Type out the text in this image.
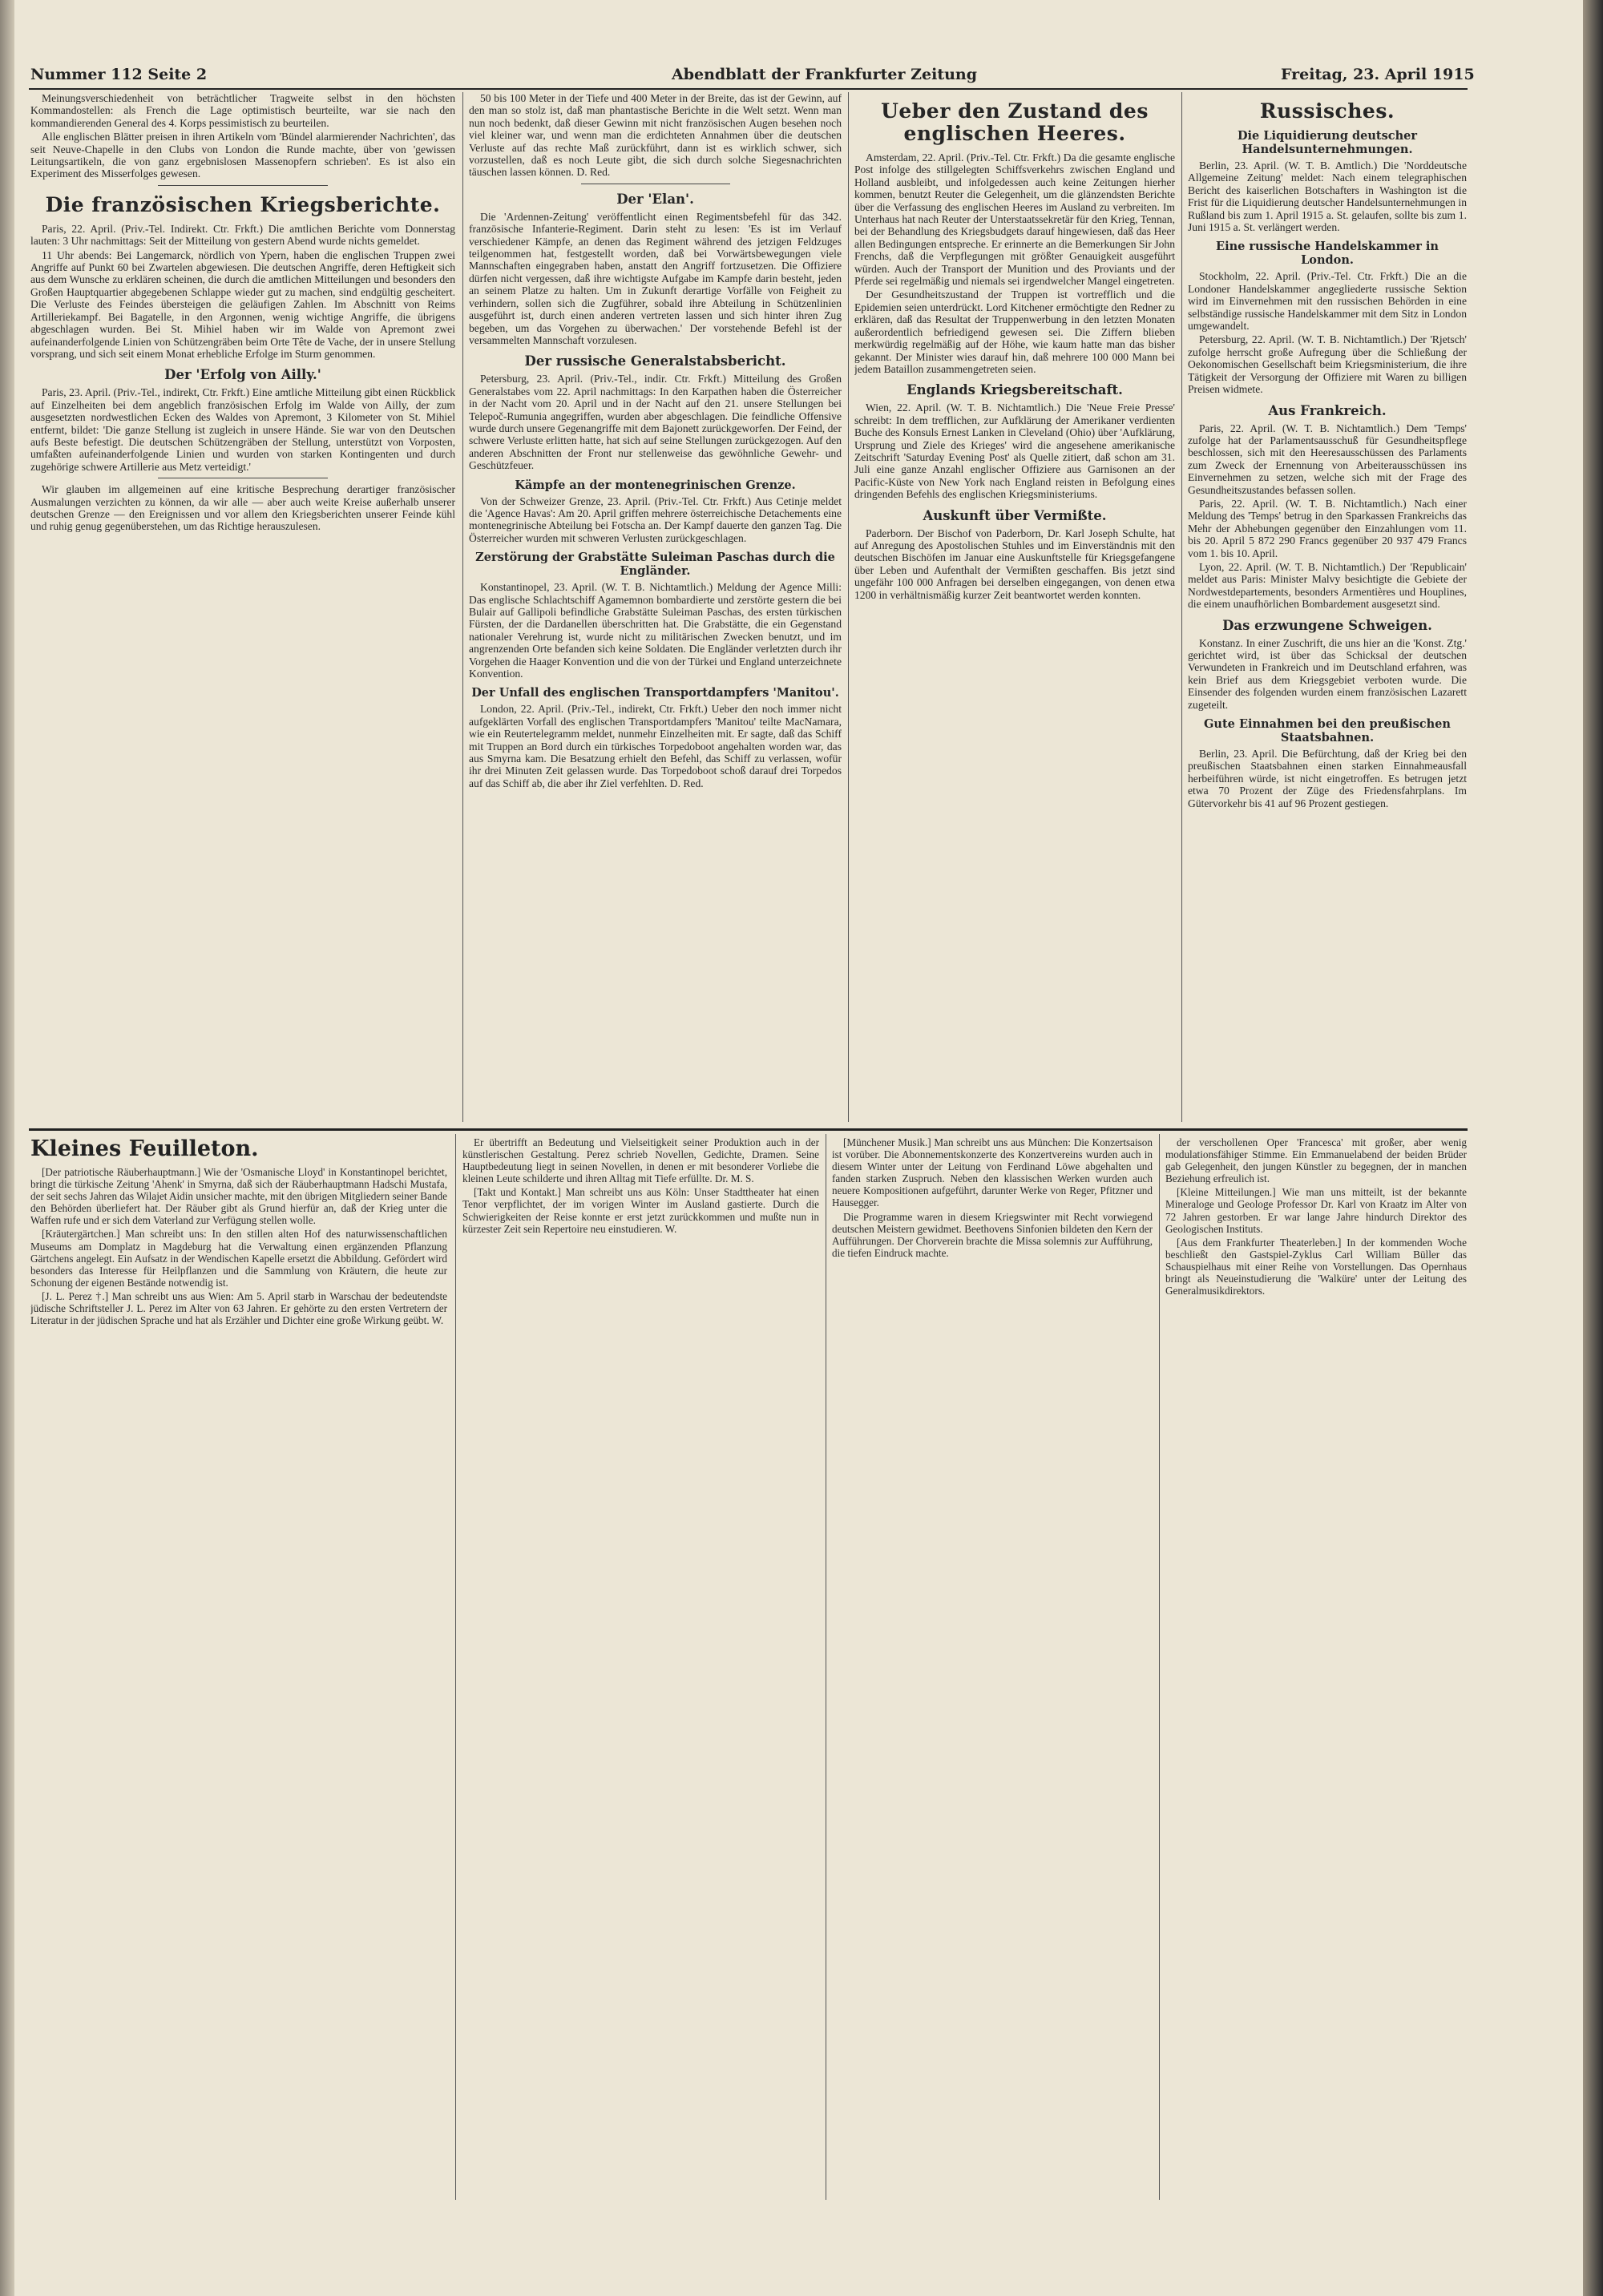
Nummer 112 Seite 2	Abendblatt der Frankfurter Zeitung	Freitag, 23. April 1915

Meinungsverschiedenheit von beträchtlicher Tragweite selbst in den höchsten Kommandostellen: als French die Lage optimistisch beurteilte, war sie nach den kommandierenden General des 4. Korps pessimistisch zu beurteilen.

Alle englischen Blätter preisen in ihren Artikeln vom 'Bündel alarmierender Nachrichten', das seit Neuve-Chapelle in den Clubs von London die Runde machte, über von 'gewissen Leitungsartikeln, die von ganz ergebnislosen Massenopfern schrieben'. Es ist also ein Experiment des Misserfolges gewesen.

Die französischen Kriegsberichte.

Paris, 22. April. (Priv.-Tel. Indirekt. Ctr. Frkft.) Die amtlichen Berichte vom Donnerstag lauten: 3 Uhr nachmittags: Seit der Mitteilung von gestern Abend wurde nichts gemeldet.

11 Uhr abends: Bei Langemarck, nördlich von Ypern, haben die englischen Truppen zwei Angriffe auf Punkt 60 bei Zwartelen abgewiesen. Die deutschen Angriffe, deren Heftigkeit sich aus dem Wunsche zu erklären scheinen, die durch die amtlichen Mitteilungen und besonders den Großen Hauptquartier abgegebenen Schlappe wieder gut zu machen, sind endgültig gescheitert. Die Verluste des Feindes übersteigen die geläufigen Zahlen. Im Abschnitt von Reims Artilleriekampf. Bei Bagatelle, in den Argonnen, wenig wichtige Angriffe, die übrigens abgeschlagen wurden. Bei St. Mihiel haben wir im Walde von Apremont zwei aufeinanderfolgende Linien von Schützengräben beim Orte Tête de Vache, der in unsere Stellung vorsprang, und sich seit einem Monat erhebliche Erfolge im Sturm genommen.

Der 'Erfolg von Ailly.'

Paris, 23. April. (Priv.-Tel., indirekt, Ctr. Frkft.) Eine amtliche Mitteilung gibt einen Rückblick auf Einzelheiten bei dem angeblich französischen Erfolg im Walde von Ailly, der zum ausgesetzten nordwestlichen Ecken des Waldes von Apremont, 3 Kilometer von St. Mihiel entfernt, bildet: 'Die ganze Stellung ist zugleich in unsere Hände. Sie war von den Deutschen aufs Beste befestigt. Die deutschen Schützengräben der Stellung, unterstützt von Vorposten, umfaßten aufeinanderfolgende Linien und wurden von starken Kontingenten und durch zugehörige schwere Artillerie aus Metz verteidigt.'

Wir glauben im allgemeinen auf eine kritische Besprechung derartiger französischer Ausmalungen verzichten zu können, da wir alle — aber auch weite Kreise außerhalb unserer deutschen Grenze — den Ereignissen und vor allem den Kriegsberichten unserer Feinde kühl und ruhig genug gegenüberstehen, um das Richtige herauszulesen.

50 bis 100 Meter in der Tiefe und 400 Meter in der Breite, das ist der Gewinn, auf den man so stolz ist, daß man phantastische Berichte in die Welt setzt. Wenn man nun noch bedenkt, daß dieser Gewinn mit nicht französischen Augen besehen noch viel kleiner war, und wenn man die erdichteten Annahmen über die deutschen Verluste auf das rechte Maß zurückführt, dann ist es wirklich schwer, sich vorzustellen, daß es noch Leute gibt, die sich durch solche Siegesnachrichten täuschen lassen können. D. Red.

Der 'Elan'.

Die 'Ardennen-Zeitung' veröffentlicht einen Regimentsbefehl für das 342. französische Infanterie-Regiment. Darin steht zu lesen: 'Es ist im Verlauf verschiedener Kämpfe, an denen das Regiment während des jetzigen Feldzuges teilgenommen hat, festgestellt worden, daß bei Vorwärtsbewegungen viele Mannschaften eingegraben haben, anstatt den Angriff fortzusetzen. Die Offiziere dürfen nicht vergessen, daß ihre wichtigste Aufgabe im Kampfe darin besteht, jeden an seinem Platze zu halten. Um in Zukunft derartige Vorfälle von Feigheit zu verhindern, sollen sich die Zugführer, sobald ihre Abteilung in Schützenlinien ausgeführt ist, durch einen anderen vertreten lassen und sich hinter ihren Zug begeben, um das Vorgehen zu überwachen.' Der vorstehende Befehl ist der versammelten Mannschaft vorzulesen.

Der russische Generalstabsbericht.

Petersburg, 23. April. (Priv.-Tel., indir. Ctr. Frkft.) Mitteilung des Großen Generalstabes vom 22. April nachmittags: In den Karpathen haben die Österreicher in der Nacht vom 20. April und in der Nacht auf den 21. unsere Stellungen bei Telepoč-Rumunia angegriffen, wurden aber abgeschlagen. Die feindliche Offensive wurde durch unsere Gegenangriffe mit dem Bajonett zurückgeworfen. Der Feind, der schwere Verluste erlitten hatte, hat sich auf seine Stellungen zurückgezogen. Auf den anderen Abschnitten der Front nur stellenweise das gewöhnliche Gewehr- und Geschützfeuer.

Kämpfe an der montenegrinischen Grenze.

Von der Schweizer Grenze, 23. April. (Priv.-Tel. Ctr. Frkft.) Aus Cetinje meldet die 'Agence Havas': Am 20. April griffen mehrere österreichische Detachements eine montenegrinische Abteilung bei Fotscha an. Der Kampf dauerte den ganzen Tag. Die Österreicher wurden mit schweren Verlusten zurückgeschlagen.

Zerstörung der Grabstätte Suleiman Paschas durch die Engländer.

Konstantinopel, 23. April. (W. T. B. Nichtamtlich.) Meldung der Agence Milli: Das englische Schlachtschiff Agamemnon bombardierte und zerstörte gestern die bei Bulair auf Gallipoli befindliche Grabstätte Suleiman Paschas, des ersten türkischen Fürsten, der die Dardanellen überschritten hat. Die Grabstätte, die ein Gegenstand nationaler Verehrung ist, wurde nicht zu militärischen Zwecken benutzt, und im angrenzenden Orte befanden sich keine Soldaten. Die Engländer verletzten durch ihr Vorgehen die Haager Konvention und die von der Türkei und England unterzeichnete Konvention.

Der Unfall des englischen Transportdampfers 'Manitou'.

London, 22. April. (Priv.-Tel., indirekt, Ctr. Frkft.) Ueber den noch immer nicht aufgeklärten Vorfall des englischen Transportdampfers 'Manitou' teilte MacNamara, wie ein Reutertelegramm meldet, nunmehr Einzelheiten mit. Er sagte, daß das Schiff mit Truppen an Bord durch ein türkisches Torpedoboot angehalten worden war, das aus Smyrna kam. Die Besatzung erhielt den Befehl, das Schiff zu verlassen, wofür ihr drei Minuten Zeit gelassen wurde. Das Torpedoboot schoß darauf drei Torpedos auf das Schiff ab, die aber ihr Ziel verfehlten. D. Red.

Ueber den Zustand des englischen Heeres.

Amsterdam, 22. April. (Priv.-Tel. Ctr. Frkft.) Da die gesamte englische Post infolge des stillgelegten Schiffsverkehrs zwischen England und Holland ausbleibt, und infolgedessen auch keine Zeitungen hierher kommen, benutzt Reuter die Gelegenheit, um die glänzendsten Berichte über die Verfassung des englischen Heeres im Ausland zu verbreiten. Im Unterhaus hat nach Reuter der Unterstaatssekretär für den Krieg, Tennan, bei der Behandlung des Kriegsbudgets darauf hingewiesen, daß das Heer allen Bedingungen entspreche. Er erinnerte an die Bemerkungen Sir John Frenchs, daß die Verpflegungen mit größter Genauigkeit ausgeführt würden. Auch der Transport der Munition und des Proviants und der Pferde sei regelmäßig und niemals sei irgendwelcher Mangel eingetreten.

Der Gesundheitszustand der Truppen ist vortrefflich und die Epidemien seien unterdrückt. Lord Kitchener ermöchtigte den Redner zu erklären, daß das Resultat der Truppenwerbung in den letzten Monaten außerordentlich befriedigend gewesen sei. Die Ziffern blieben merkwürdig regelmäßig auf der Höhe, wie kaum hatte man das bisher gekannt. Der Minister wies darauf hin, daß mehrere 100 000 Mann bei jedem Bataillon zusammengetreten seien.

Englands Kriegsbereitschaft.

Wien, 22. April. (W. T. B. Nichtamtlich.) Die 'Neue Freie Presse' schreibt: In dem trefflichen, zur Aufklärung der Amerikaner verdienten Buche des Konsuls Ernest Lanken in Cleveland (Ohio) über 'Aufklärung, Ursprung und Ziele des Krieges' wird die angesehene amerikanische Zeitschrift 'Saturday Evening Post' als Quelle zitiert, daß schon am 31. Juli eine ganze Anzahl englischer Offiziere aus Garnisonen an der Pacific-Küste von New York nach England reisten in Befolgung eines dringenden Befehls des englischen Kriegsministeriums.

Auskunft über Vermißte.

Paderborn. Der Bischof von Paderborn, Dr. Karl Joseph Schulte, hat auf Anregung des Apostolischen Stuhles und im Einverständnis mit den deutschen Bischöfen im Januar eine Auskunftstelle für Kriegsgefangene über Leben und Aufenthalt der Vermißten geschaffen. Bis jetzt sind ungefähr 100 000 Anfragen bei derselben eingegangen, von denen etwa 1200 in verhältnismäßig kurzer Zeit beantwortet werden konnten.

Russisches.
Die Liquidierung deutscher Handelsunternehmungen.

Berlin, 23. April. (W. T. B. Amtlich.) Die 'Norddeutsche Allgemeine Zeitung' meldet: Nach einem telegraphischen Bericht des kaiserlichen Botschafters in Washington ist die Frist für die Liquidierung deutscher Handelsunternehmungen in Rußland bis zum 1. April 1915 a. St. gelaufen, sollte bis zum 1. Juni 1915 a. St. verlängert werden.

Eine russische Handelskammer in London.

Stockholm, 22. April. (Priv.-Tel. Ctr. Frkft.) Die an die Londoner Handelskammer angegliederte russische Sektion wird im Einvernehmen mit den russischen Behörden in eine selbständige russische Handelskammer mit dem Sitz in London umgewandelt.

Petersburg, 22. April. (W. T. B. Nichtamtlich.) Der 'Rjetsch' zufolge herrscht große Aufregung über die Schließung der Oekonomischen Gesellschaft beim Kriegsministerium, die ihre Tätigkeit der Versorgung der Offiziere mit Waren zu billigen Preisen widmete.

Aus Frankreich.

Paris, 22. April. (W. T. B. Nichtamtlich.) Dem 'Temps' zufolge hat der Parlamentsausschuß für Gesundheitspflege beschlossen, sich mit den Heeresausschüssen des Parlaments zum Zweck der Ernennung von Arbeiterausschüssen ins Einvernehmen zu setzen, welche sich mit der Frage des Gesundheitszustandes befassen sollen.

Paris, 22. April. (W. T. B. Nichtamtlich.) Nach einer Meldung des 'Temps' betrug in den Sparkassen Frankreichs das Mehr der Abhebungen gegenüber den Einzahlungen vom 11. bis 20. April 5 872 290 Francs gegenüber 20 937 479 Francs vom 1. bis 10. April.

Lyon, 22. April. (W. T. B. Nichtamtlich.) Der 'Republicain' meldet aus Paris: Minister Malvy besichtigte die Gebiete der Nordwestdepartements, besonders Armentières und Houplines, die einem unaufhörlichen Bombardement ausgesetzt sind.

Das erzwungene Schweigen.

Konstanz. In einer Zuschrift, die uns hier an die 'Konst. Ztg.' gerichtet wird, ist über das Schicksal der deutschen Verwundeten in Frankreich und im Deutschland erfahren, was kein Brief aus dem Kriegsgebiet verboten wurde. Die Einsender des folgenden wurden einem französischen Lazarett zugeteilt.

Gute Einnahmen bei den preußischen Staatsbahnen.

Berlin, 23. April. Die Befürchtung, daß der Krieg bei den preußischen Staatsbahnen einen starken Einnahmeausfall herbeiführen würde, ist nicht eingetroffen. Es betrugen jetzt etwa 70 Prozent der Züge des Friedensfahrplans. Im Gütervorkehr bis 41 auf 96 Prozent gestiegen.

Kleines Feuilleton.

[Der patriotische Räuberhauptmann.] Wie der 'Osmanische Lloyd' in Konstantinopel berichtet, bringt die türkische Zeitung 'Ahenk' in Smyrna, daß sich der Räuberhauptmann Hadschi Mustafa, der seit sechs Jahren das Wilajet Aidin unsicher machte, mit den übrigen Mitgliedern seiner Bande den Behörden überliefert hat. Der Räuber gibt als Grund hierfür an, daß der Krieg unter die Waffen rufe und er sich dem Vaterland zur Verfügung stellen wolle.

[Kräutergärtchen.] Man schreibt uns: In den stillen alten Hof des naturwissenschaftlichen Museums am Domplatz in Magdeburg hat die Verwaltung einen ergänzenden Pflanzung Gärtchens angelegt. Ein Aufsatz in der Wendischen Kapelle ersetzt die Abbildung. Gefördert wird besonders das Interesse für Heilpflanzen und die Sammlung von Kräutern, die heute zur Schonung der eigenen Bestände notwendig ist.

[J. L. Perez †.] Man schreibt uns aus Wien: Am 5. April starb in Warschau der bedeutendste jüdische Schriftsteller J. L. Perez im Alter von 63 Jahren. Er gehörte zu den ersten Vertretern der Literatur in der jüdischen Sprache und hat als Erzähler und Dichter eine große Wirkung geübt. W.

Er übertrifft an Bedeutung und Vielseitigkeit seiner Produktion auch in der künstlerischen Gestaltung. Perez schrieb Novellen, Gedichte, Dramen. Seine Hauptbedeutung liegt in seinen Novellen, in denen er mit besonderer Vorliebe die kleinen Leute schilderte und ihren Alltag mit Tiefe erfüllte. Dr. M. S.

[Takt und Kontakt.] Man schreibt uns aus Köln: Unser Stadttheater hat einen Tenor verpflichtet, der im vorigen Winter im Ausland gastierte. Durch die Schwierigkeiten der Reise konnte er erst jetzt zurückkommen und mußte nun in kürzester Zeit sein Repertoire neu einstudieren. W.

[Münchener Musik.] Man schreibt uns aus München: Die Konzertsaison ist vorüber. Die Abonnementskonzerte des Konzertvereins wurden auch in diesem Winter unter der Leitung von Ferdinand Löwe abgehalten und fanden starken Zuspruch. Neben den klassischen Werken wurden auch neuere Kompositionen aufgeführt, darunter Werke von Reger, Pfitzner und Hausegger.

Die Programme waren in diesem Kriegswinter mit Recht vorwiegend deutschen Meistern gewidmet. Beethovens Sinfonien bildeten den Kern der Aufführungen. Der Chorverein brachte die Missa solemnis zur Aufführung, die tiefen Eindruck machte.

der verschollenen Oper 'Francesca' mit großer, aber wenig modulationsfähiger Stimme. Ein Emmanuelabend der beiden Brüder gab Gelegenheit, den jungen Künstler zu begegnen, der in manchen Beziehung erfreulich ist.

[Kleine Mitteilungen.] Wie man uns mitteilt, ist der bekannte Mineraloge und Geologe Professor Dr. Karl von Kraatz im Alter von 72 Jahren gestorben. Er war lange Jahre hindurch Direktor des Geologischen Instituts.

[Aus dem Frankfurter Theaterleben.] In der kommenden Woche beschließt den Gastspiel-Zyklus Carl William Büller das Schauspielhaus mit einer Reihe von Vorstellungen. Das Opernhaus bringt als Neueinstudierung die 'Walküre' unter der Leitung des Generalmusikdirektors.
